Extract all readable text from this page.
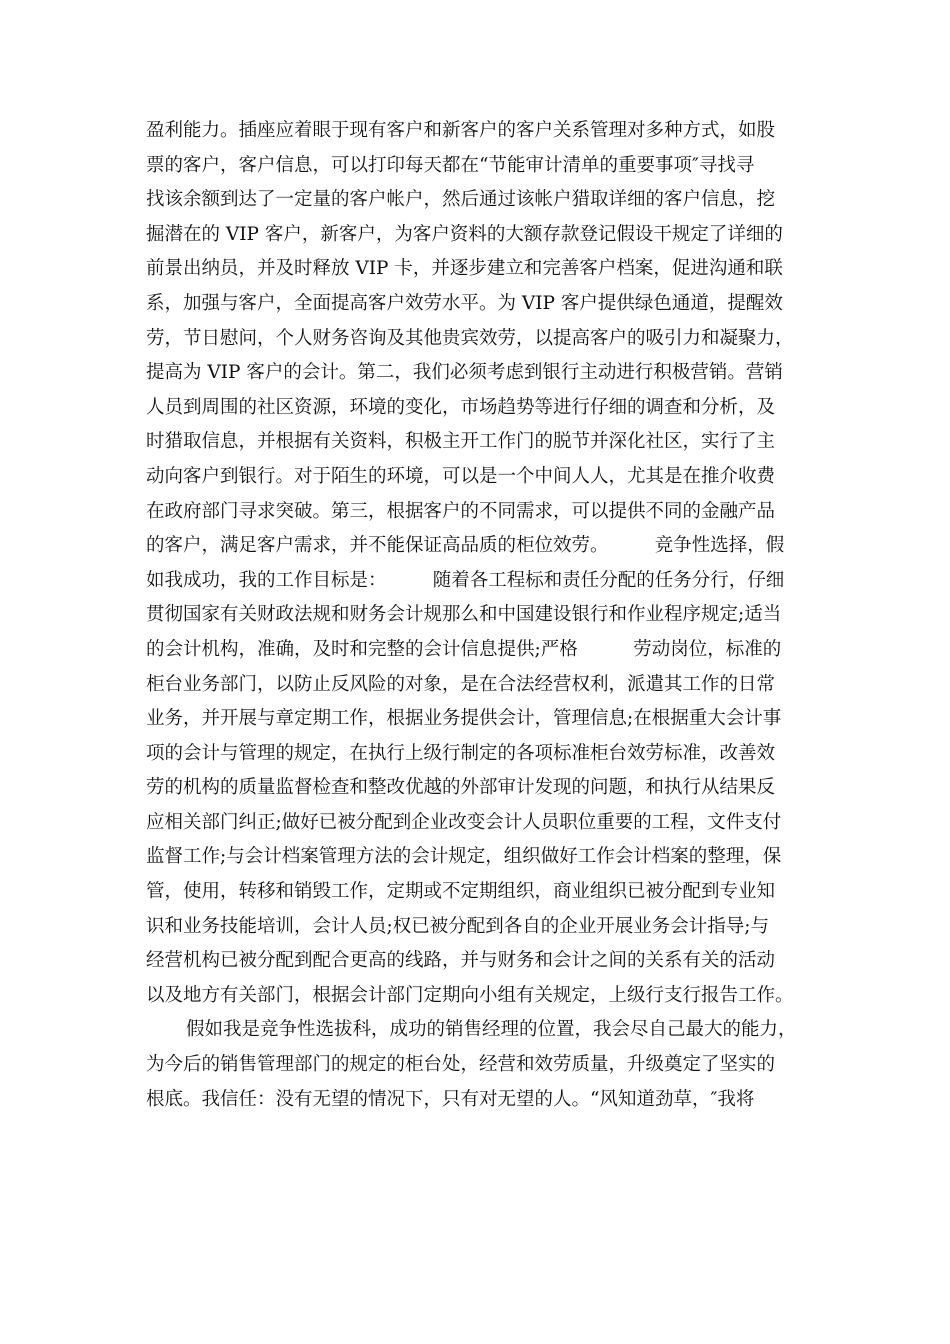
盈利能力。插座应着眼于现有客户和新客户的客户关系管理对多种方式，如股
票的客户，客户信息，可以打印每天都在“节能审计清单的重要事项″寻找寻
找该余额到达了一定量的客户帐户，然后通过该帐户猎取详细的客户信息，挖
掘潜在的 VIP 客户，新客户，为客户资料的大额存款登记假设干规定了详细的
前景出纳员，并及时释放 VIP 卡，并逐步建立和完善客户档案，促进沟通和联
系，加强与客户，全面提高客户效劳水平。为 VIP 客户提供绿色通道，提醒效
劳，节日慰问，个人财务咨询及其他贵宾效劳，以提高客户的吸引力和凝聚力，
提高为 VIP 客户的会计。第二，我们必须考虑到银行主动进行积极营销。营销
人员到周围的社区资源，环境的变化，市场趋势等进行仔细的调查和分析，及
时猎取信息，并根据有关资料，积极主开工作门的脱节并深化社区，实行了主
动向客户到银行。对于陌生的环境，可以是一个中间人人，尤其是在推介收费
在政府部门寻求突破。第三，根据客户的不同需求，可以提供不同的金融产品
的客户，满足客户需求，并不能保证高品质的柜位效劳。　　　竞争性选择，假
如我成功，我的工作目标是：　　　随着各工程标和责任分配的任务分行，仔细
贯彻国家有关财政法规和财务会计规那么和中国建设银行和作业程序规定;适当
的会计机构，准确，及时和完整的会计信息提供;严格　　　劳动岗位，标准的
柜台业务部门，以防止反风险的对象，是在合法经营权利，派遣其工作的日常
业务，并开展与章定期工作，根据业务提供会计，管理信息;在根据重大会计事
项的会计与管理的规定，在执行上级行制定的各项标准柜台效劳标准，改善效
劳的机构的质量监督检查和整改优越的外部审计发现的问题，和执行从结果反
应相关部门纠正;做好已被分配到企业改变会计人员职位重要的工程，文件支付
监督工作;与会计档案管理方法的会计规定，组织做好工作会计档案的整理，保
管，使用，转移和销毁工作，定期或不定期组织，商业组织已被分配到专业知
识和业务技能培训，会计人员;权已被分配到各自的企业开展业务会计指导;与
经营机构已被分配到配合更高的线路，并与财务和会计之间的关系有关的活动
以及地方有关部门，根据会计部门定期向小组有关规定，上级行支行报告工作。
假如我是竞争性选拔科，成功的销售经理的位置，我会尽自己最大的能力，
为今后的销售管理部门的规定的柜台处，经营和效劳质量，升级奠定了坚实的
根底。我信任：没有无望的情况下，只有对无望的人。“风知道劲草，″我将
